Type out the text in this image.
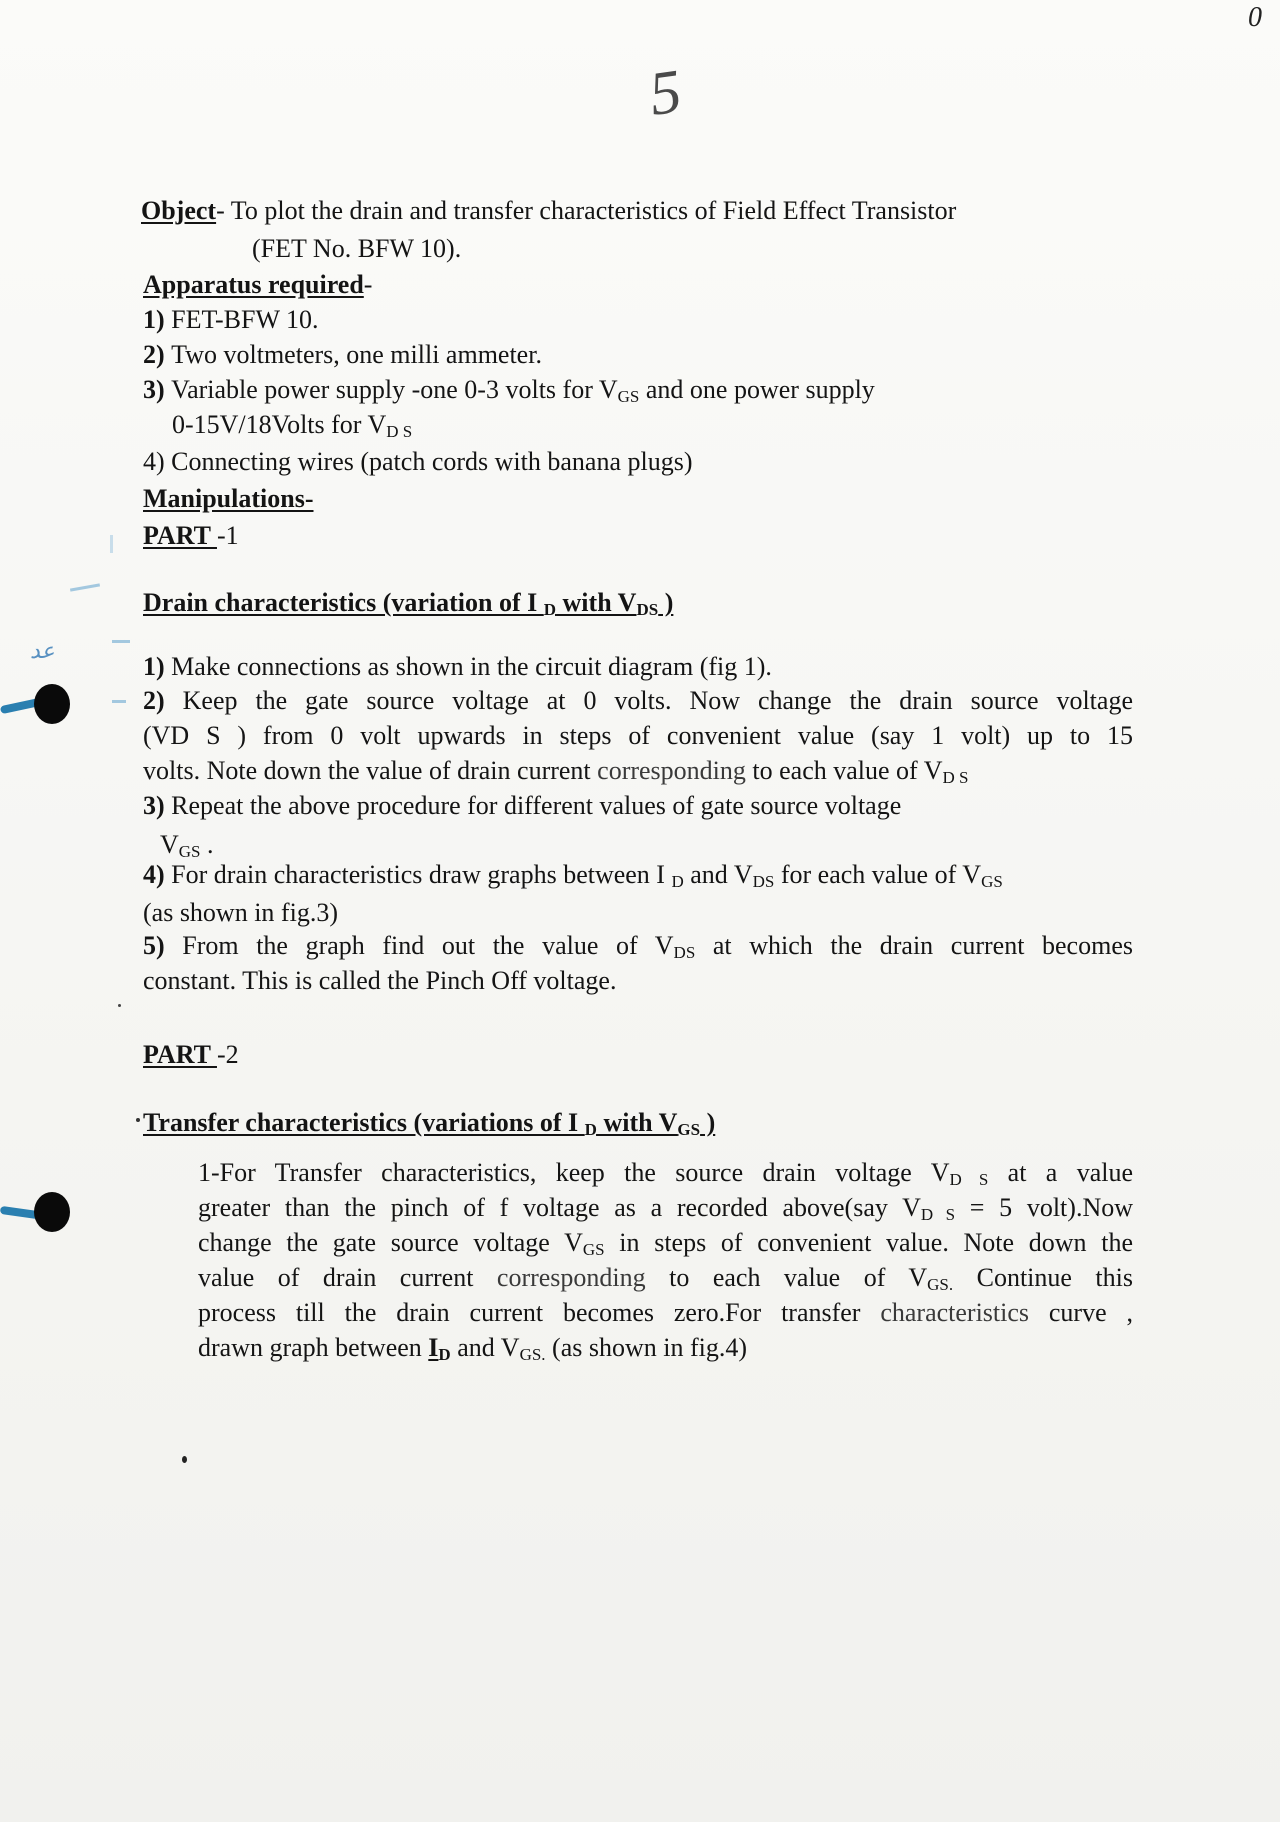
0
5
Object- To plot the drain and transfer characteristics of Field Effect Transistor
(FET No. BFW 10).
Apparatus required-
1) FET-BFW 10.
2) Two voltmeters, one milli ammeter.
3) Variable power supply -one 0-3 volts for $V_{GS}$ and one power supply
0-15V/18Volts for $V_{D S}$
4) Connecting wires (patch cords with banana plugs)
Manipulations-
PART -1
Drain characteristics (variation of I $_D$ with $V_{DS}$ )
1) Make connections as shown in the circuit diagram (fig 1).
2) Keep the gate source voltage at 0 volts. Now change the drain source voltage
(VD S ) from 0 volt upwards in steps of convenient value (say 1 volt) up to 15
volts. Note down the value of drain current corresponding to each value of $V_{D S}$
3) Repeat the above procedure for different values of gate source voltage
$V_{GS}$ .
4) For drain characteristics draw graphs between I $_D$ and $V_{DS}$ for each value of $V_{GS}$
(as shown in fig.3)
5) From the graph find out the value of $V_{DS}$ at which the drain current becomes
constant. This is called the Pinch Off voltage.
PART -2
Transfer characteristics (variations of I $_D$ with $V_{GS}$ )
1-For Transfer characteristics, keep the source drain voltage $V_{D S}$ at a value
greater than the pinch of f voltage as a recorded above(say $V_{D S} = 5$ volt).Now
change the gate source voltage $V_{GS}$ in steps of convenient value. Note down the
value of drain current corresponding to each value of $V_{GS.}$ Continue this
process till the drain current becomes zero.For transfer characteristics curve ,
drawn graph between $I_D$ and $V_{GS.}$ (as shown in fig.4)
عد
